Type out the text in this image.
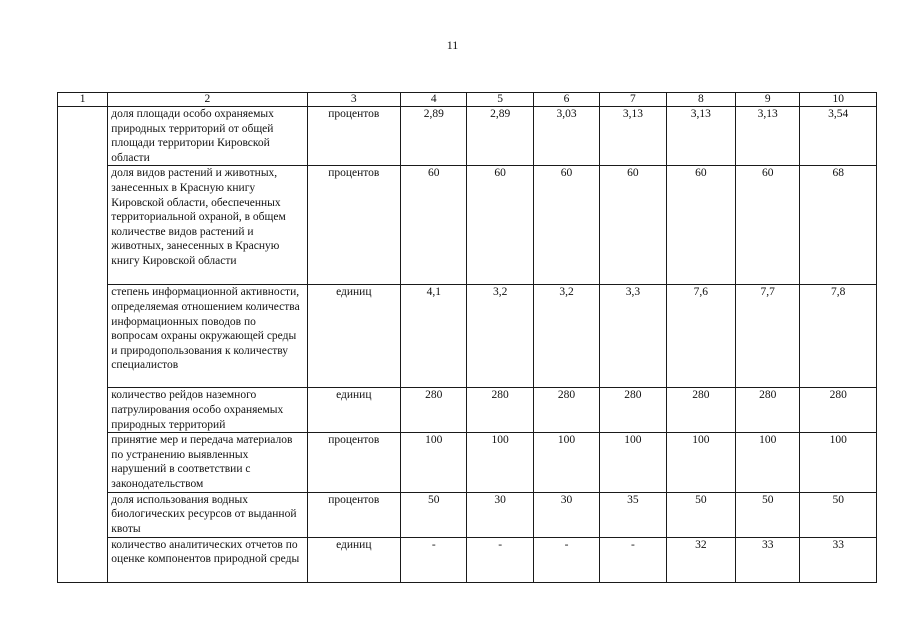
11
1	2	3	4	5	6	7	8	9	10
	доля площади особо охраняемых природных территорий от общей площади территории Кировской области	процентов	2,89	2,89	3,03	3,13	3,13	3,13	3,54
	доля видов растений и животных, занесенных в Красную книгу Кировской области, обеспеченных территориальной охраной, в общем количестве видов растений и животных, занесенных в Красную книгу Кировской области	процентов	60	60	60	60	60	60	68
	степень информационной активности, определяемая отношением количества информационных поводов по вопросам охраны окружающей среды и природопользования к количеству специалистов	единиц	4,1	3,2	3,2	3,3	7,6	7,7	7,8
	количество рейдов наземного патрулирования особо охраняемых природных территорий	единиц	280	280	280	280	280	280	280
	принятие мер и передача материалов по устранению выявленных нарушений в соответствии с законодательством	процентов	100	100	100	100	100	100	100
	доля использования водных биологических ресурсов от выданной квоты	процентов	50	30	30	35	50	50	50
	количество аналитических отчетов по оценке компонентов природной среды	единиц	-	-	-	-	32	33	33
